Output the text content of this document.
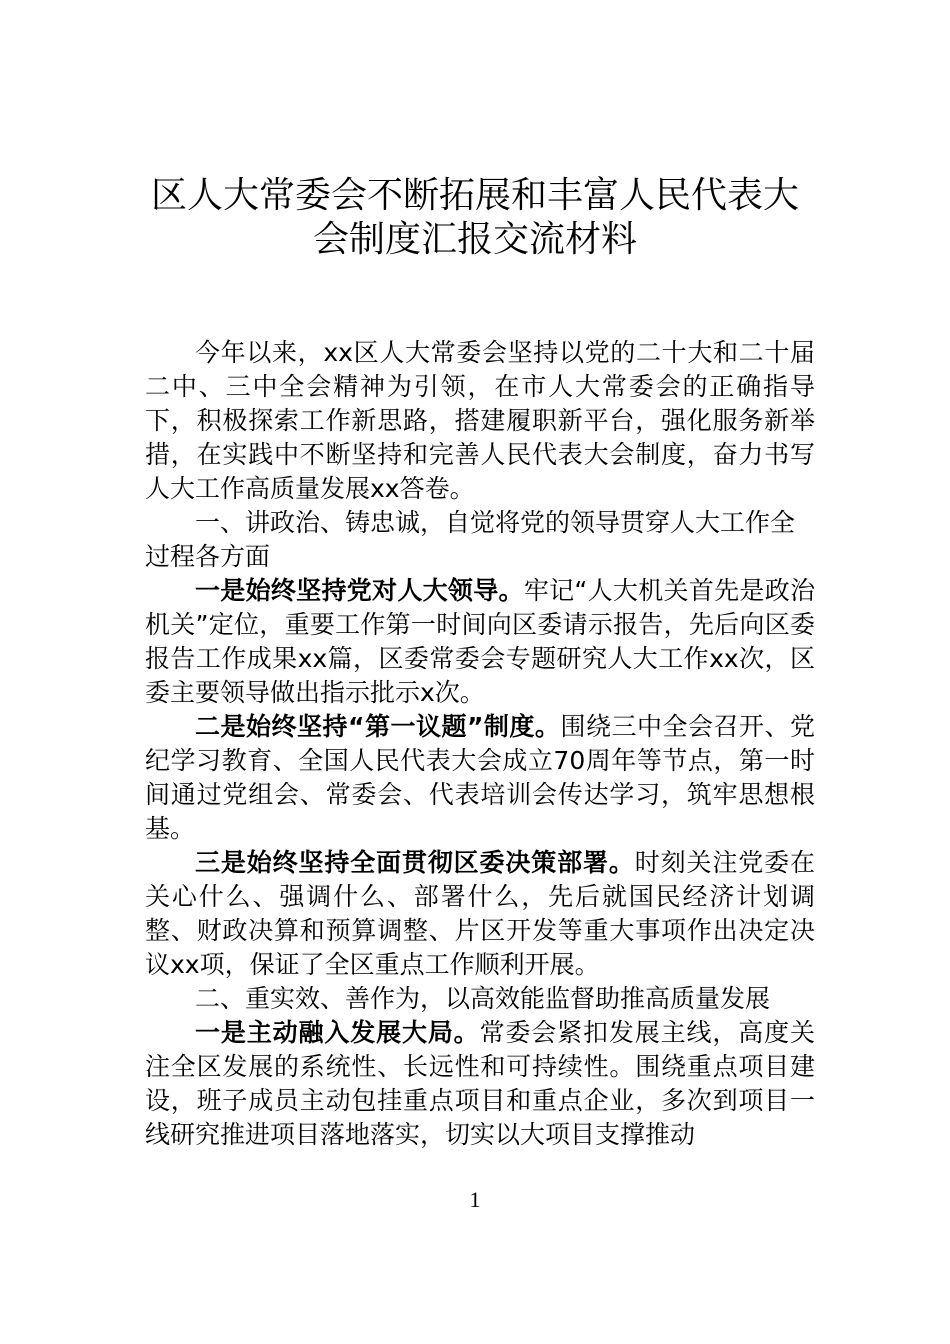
区人大常委会不断拓展和丰富人民代表大
会制度汇报交流材料

今年以来，xx区人大常委会坚持以党的二十大和二十届二中、三中全会精神为引领，在市人大常委会的正确指导下，积极探索工作新思路，搭建履职新平台，强化服务新举措，在实践中不断坚持和完善人民代表大会制度，奋力书写人大工作高质量发展xx答卷。

一、讲政治、铸忠诚，自觉将党的领导贯穿人大工作全过程各方面

一是始终坚持党对人大领导。牢记“人大机关首先是政治机关”定位，重要工作第一时间向区委请示报告，先后向区委报告工作成果xx篇，区委常委会专题研究人大工作xx次，区委主要领导做出指示批示x次。

二是始终坚持“第一议题”制度。围绕三中全会召开、党纪学习教育、全国人民代表大会成立70周年等节点，第一时间通过党组会、常委会、代表培训会传达学习，筑牢思想根基。

三是始终坚持全面贯彻区委决策部署。时刻关注党委在关心什么、强调什么、部署什么，先后就国民经济计划调整、财政决算和预算调整、片区开发等重大事项作出决定决议xx项，保证了全区重点工作顺利开展。

二、重实效、善作为，以高效能监督助推高质量发展

一是主动融入发展大局。常委会紧扣发展主线，高度关注全区发展的系统性、长远性和可持续性。围绕重点项目建设，班子成员主动包挂重点项目和重点企业，多次到项目一线研究推进项目落地落实，切实以大项目支撑推动

1
